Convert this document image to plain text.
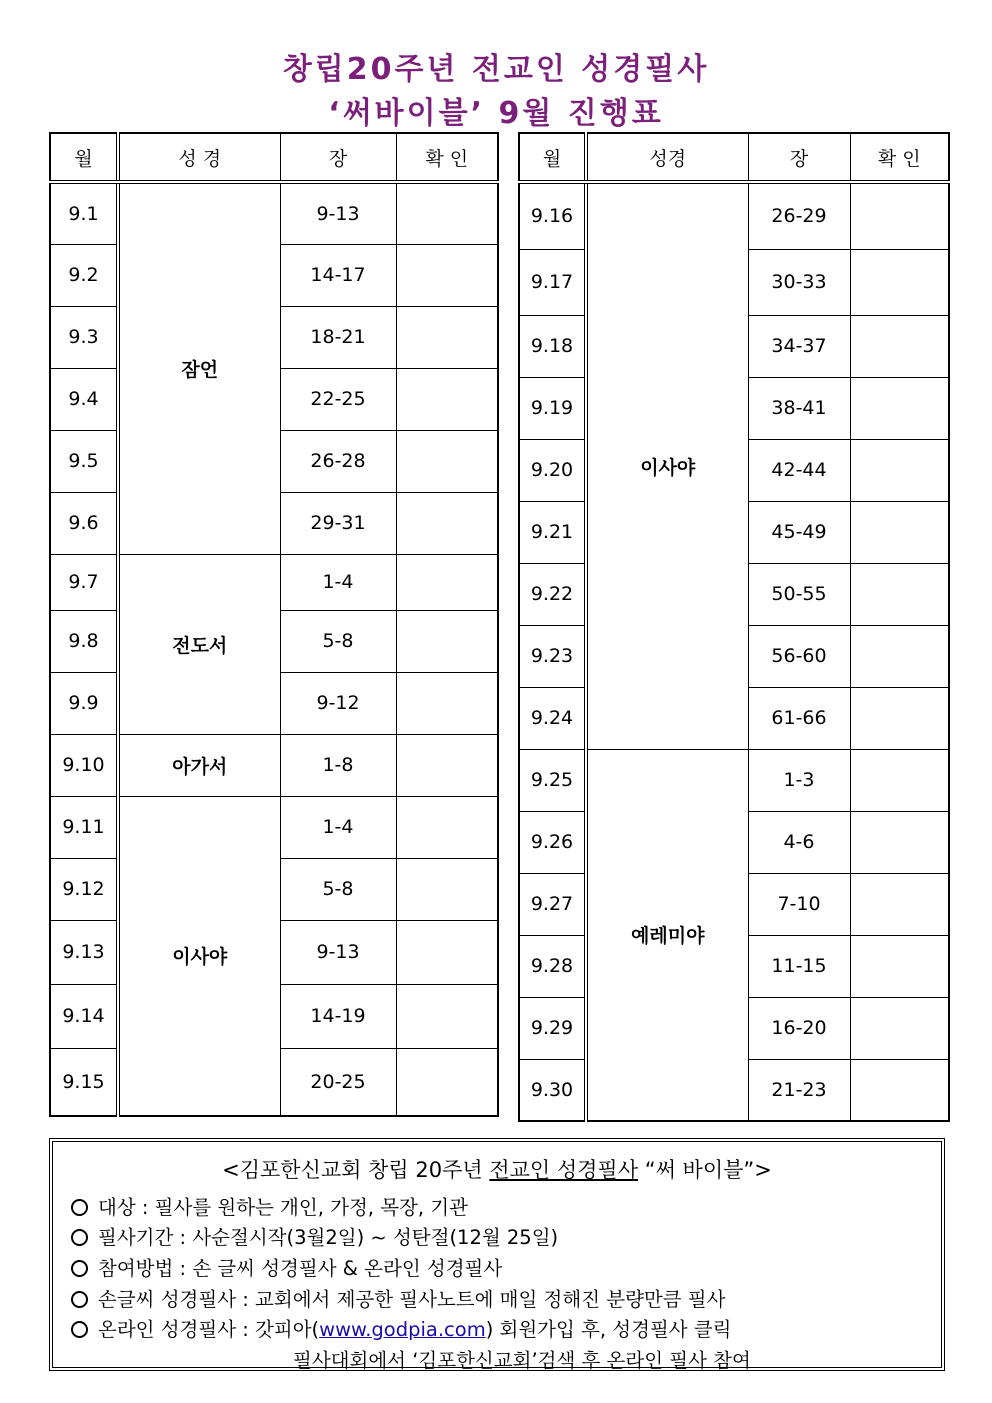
창립20주년 전교인 성경필사
‘써바이블’ 9월 진행표
월	성 경	장	확 인
9.1	잠언	9-13	
9.2		14-17	
9.3		18-21	
9.4		22-25	
9.5		26-28	
9.6		29-31	
9.7	전도서	1-4	
9.8		5-8	
9.9		9-12	
9.10	아가서	1-8	
9.11	이사야	1-4	
9.12		5-8	
9.13		9-13	
9.14		14-19	
9.15		20-25	
월	성경	장	확 인
9.16	이사야	26-29	
9.17		30-33	
9.18		34-37	
9.19		38-41	
9.20		42-44	
9.21		45-49	
9.22		50-55	
9.23		56-60	
9.24		61-66	
9.25	예레미야	1-3	
9.26		4-6	
9.27		7-10	
9.28		11-15	
9.29		16-20	
9.30		21-23	
<김포한신교회 창립 20주년 전교인 성경필사 “써 바이블”>
대상 : 필사를 원하는 개인, 가정, 목장, 기관
필사기간 : 사순절시작(3월2일) ~ 성탄절(12월 25일)
참여방법 : 손 글씨 성경필사 & 온라인 성경필사
손글씨 성경필사 : 교회에서 제공한 필사노트에 매일 정해진 분량만큼 필사
온라인 성경필사 : 갓피아(www.godpia.com) 회원가입 후, 성경필사 클릭
필사대회에서 ‘김포한신교회’검색 후 온라인 필사 참여
